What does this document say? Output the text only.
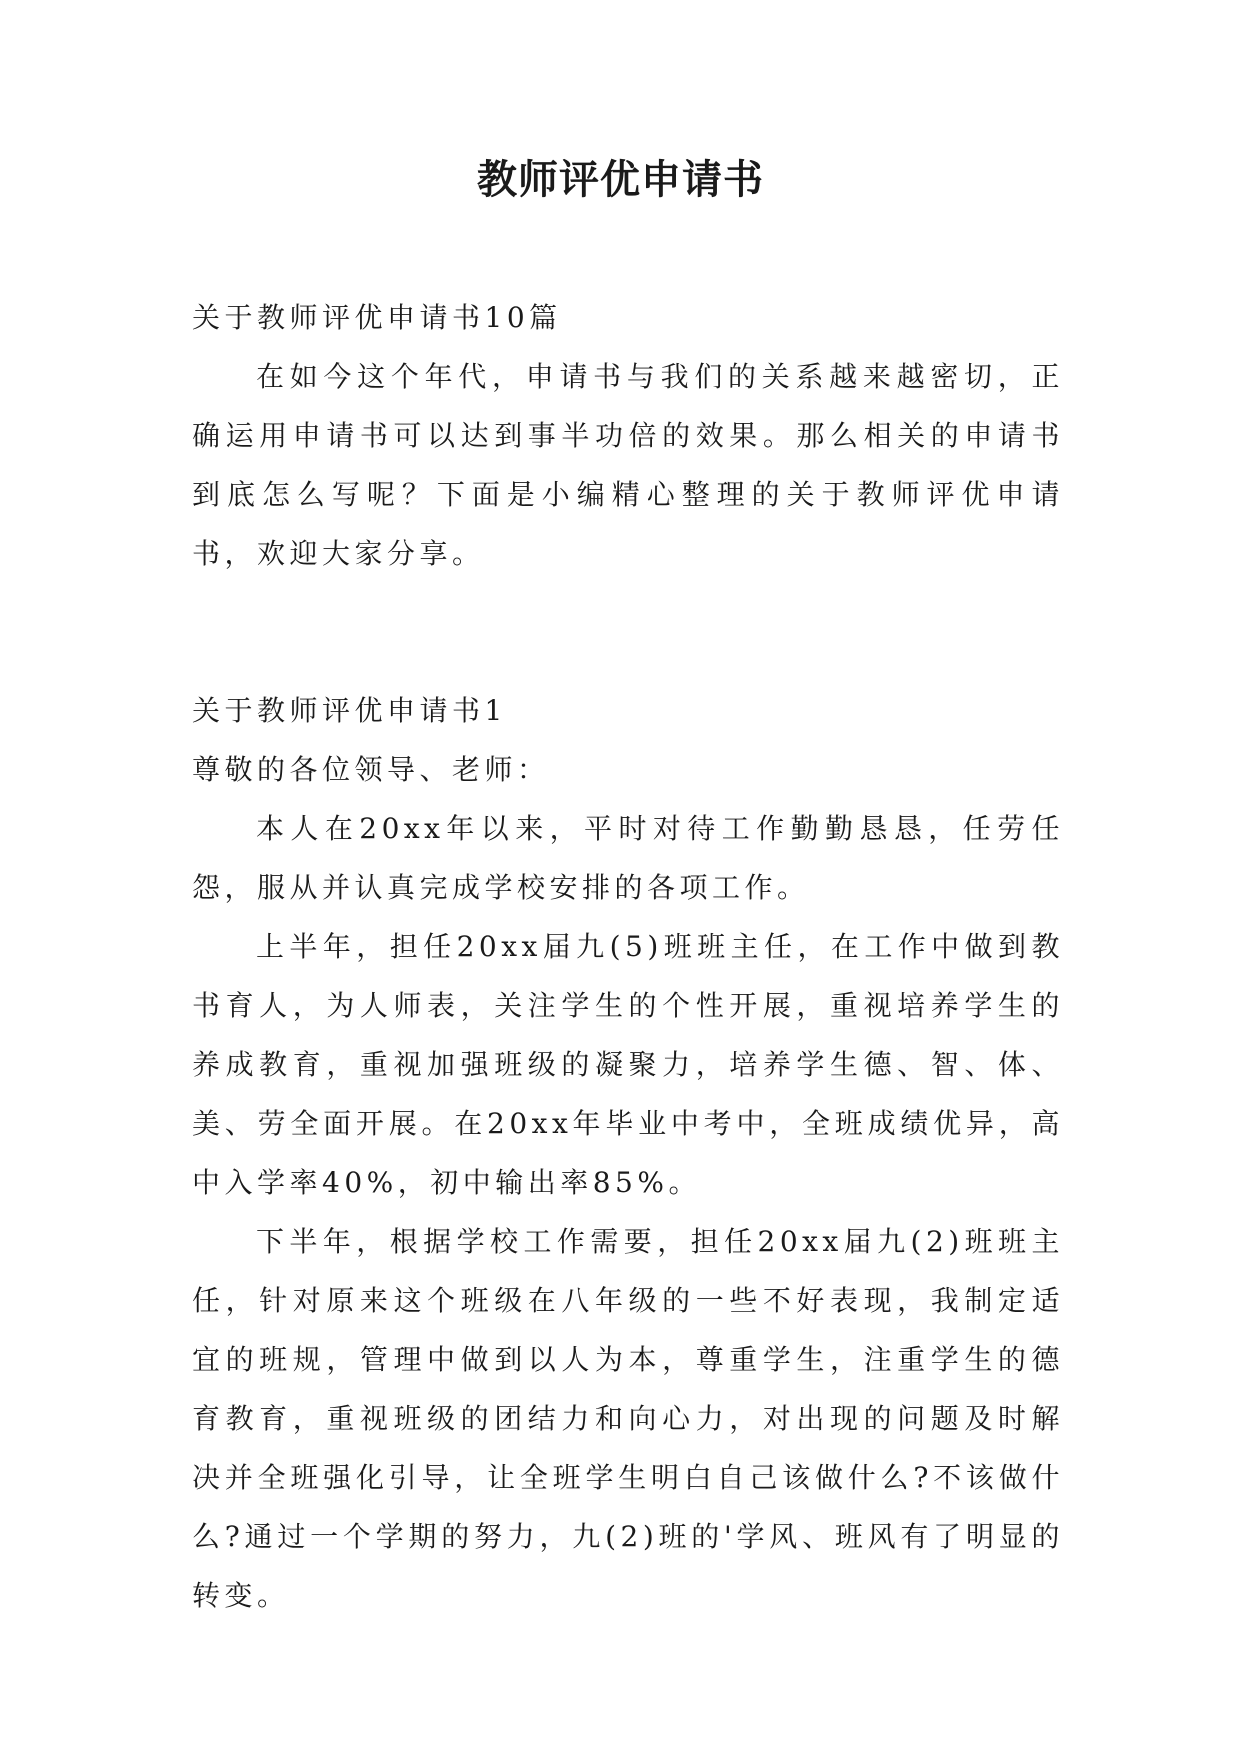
教师评优申请书

关于教师评优申请书10篇

在如今这个年代，申请书与我们的关系越来越密切，正确运用申请书可以达到事半功倍的效果。那么相关的申请书到底怎么写呢？下面是小编精心整理的关于教师评优申请书，欢迎大家分享。

关于教师评优申请书1

尊敬的各位领导、老师：

本人在20xx年以来，平时对待工作勤勤恳恳，任劳任怨，服从并认真完成学校安排的各项工作。

上半年，担任20xx届九(5)班班主任，在工作中做到教书育人，为人师表，关注学生的个性开展，重视培养学生的养成教育，重视加强班级的凝聚力，培养学生德、智、体、美、劳全面开展。在20xx年毕业中考中，全班成绩优异，高中入学率40%，初中输出率85%。

下半年，根据学校工作需要，担任20xx届九(2)班班主任，针对原来这个班级在八年级的一些不好表现，我制定适宜的班规，管理中做到以人为本，尊重学生，注重学生的德育教育，重视班级的团结力和向心力，对出现的问题及时解决并全班强化引导，让全班学生明白自己该做什么?不该做什么?通过一个学期的努力，九(2)班的'学风、班风有了明显的转变。
